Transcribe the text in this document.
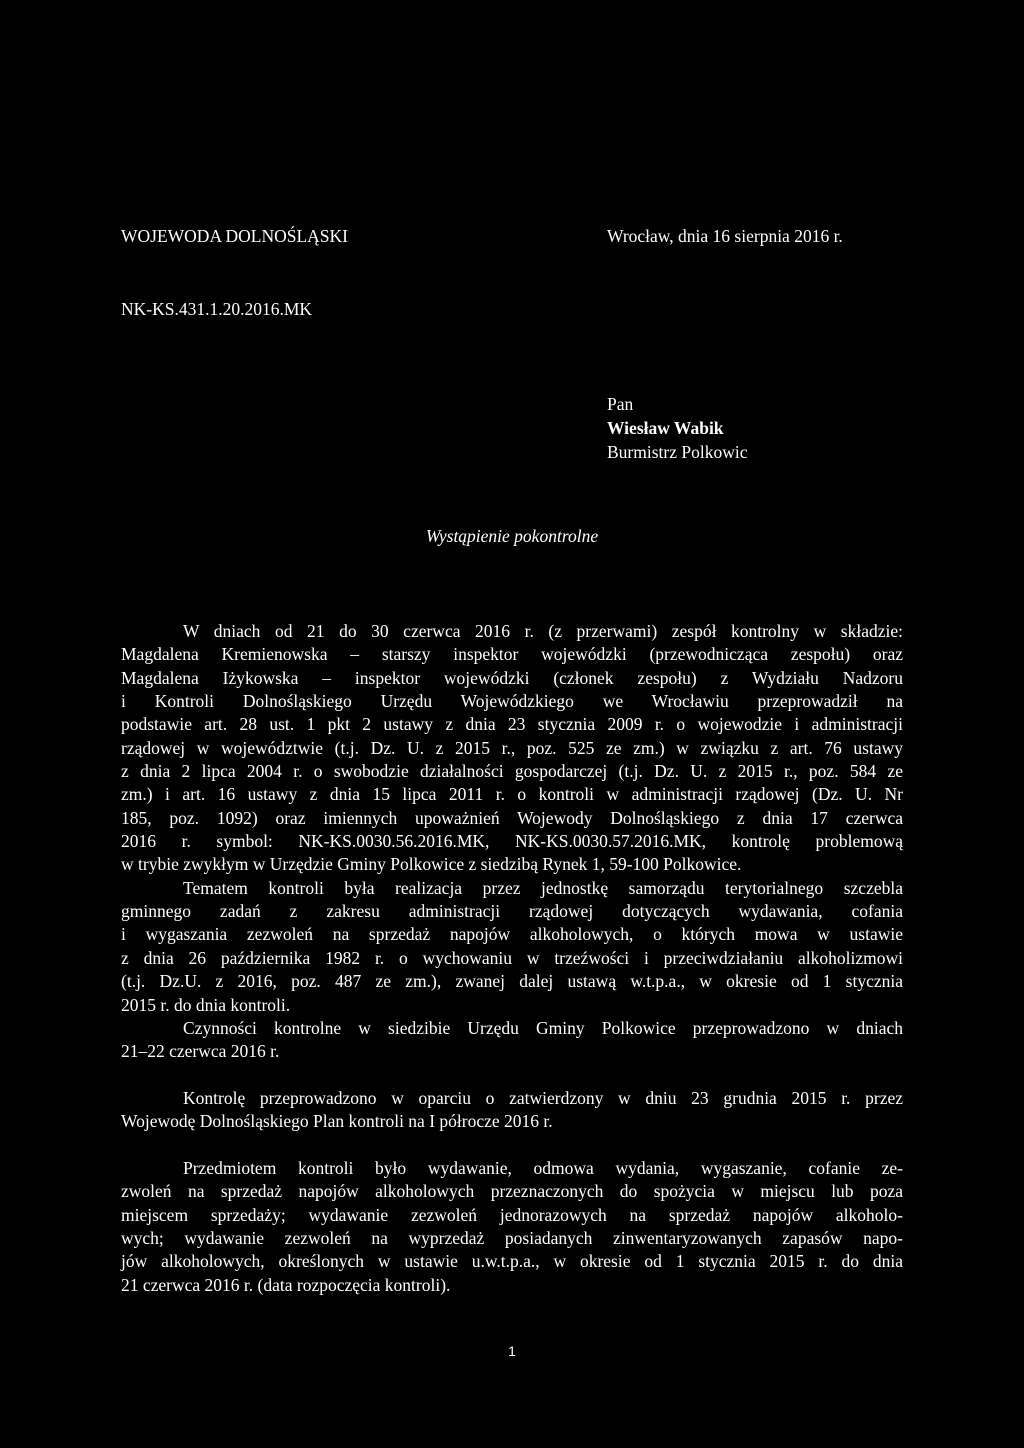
WOJEWODA DOLNOŚLĄSKI	Wrocław, dnia 16 sierpnia 2016 r.
NK-KS.431.1.20.2016.MK
Pan
Wiesław Wabik
Burmistrz Polkowic
Wystąpienie pokontrolne
W dniach od 21 do 30 czerwca 2016 r. (z przerwami) zespół kontrolny w składzie:
Magdalena Kremienowska – starszy inspektor wojewódzki (przewodnicząca zespołu) oraz
Magdalena Iżykowska – inspektor wojewódzki (członek zespołu) z Wydziału Nadzoru
i Kontroli Dolnośląskiego Urzędu Wojewódzkiego we Wrocławiu przeprowadził na
podstawie art. 28 ust. 1 pkt 2 ustawy z dnia 23 stycznia 2009 r. o wojewodzie i administracji
rządowej w województwie (t.j. Dz. U. z 2015 r., poz. 525 ze zm.) w związku z art. 76 ustawy
z dnia 2 lipca 2004 r. o swobodzie działalności gospodarczej (t.j. Dz. U. z 2015 r., poz. 584 ze
zm.) i art. 16 ustawy z dnia 15 lipca 2011 r. o kontroli w administracji rządowej (Dz. U. Nr
185, poz. 1092) oraz imiennych upoważnień Wojewody Dolnośląskiego z dnia 17 czerwca
2016 r. symbol: NK-KS.0030.56.2016.MK, NK-KS.0030.57.2016.MK, kontrolę problemową
w trybie zwykłym w Urzędzie Gminy Polkowice z siedzibą Rynek 1, 59-100 Polkowice.
Tematem kontroli była realizacja przez jednostkę samorządu terytorialnego szczebla
gminnego zadań z zakresu administracji rządowej dotyczących wydawania, cofania
i wygaszania zezwoleń na sprzedaż napojów alkoholowych, o których mowa w ustawie
z dnia 26 października 1982 r. o wychowaniu w trzeźwości i przeciwdziałaniu alkoholizmowi
(t.j. Dz.U. z 2016, poz. 487 ze zm.), zwanej dalej ustawą w.t.p.a., w okresie od 1 stycznia
2015 r. do dnia kontroli.
Czynności kontrolne w siedzibie Urzędu Gminy Polkowice przeprowadzono w dniach
21–22 czerwca 2016 r.
Kontrolę przeprowadzono w oparciu o zatwierdzony w dniu 23 grudnia 2015 r. przez
Wojewodę Dolnośląskiego Plan kontroli na I półrocze 2016 r.
Przedmiotem kontroli było wydawanie, odmowa wydania, wygaszanie, cofanie ze-
zwoleń na sprzedaż napojów alkoholowych przeznaczonych do spożycia w miejscu lub poza
miejscem sprzedaży; wydawanie zezwoleń jednorazowych na sprzedaż napojów alkoholo-
wych; wydawanie zezwoleń na wyprzedaż posiadanych zinwentaryzowanych zapasów napo-
jów alkoholowych, określonych w ustawie u.w.t.p.a., w okresie od 1 stycznia 2015 r. do dnia
21 czerwca 2016 r. (data rozpoczęcia kontroli).
1
